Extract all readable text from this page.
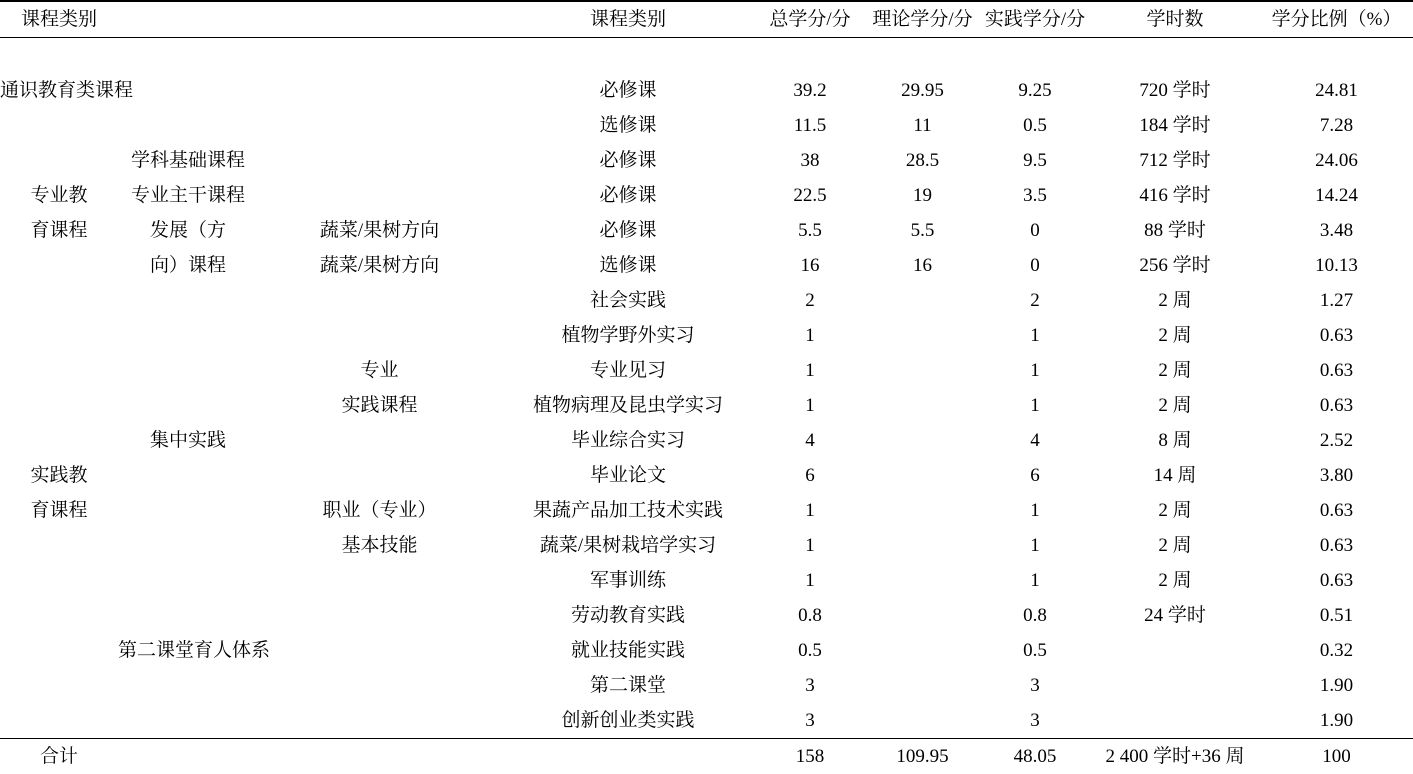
课程类别			课程类别	总学分/分	理论学分/分	实践学分/分	学时数	学分比例（%）

通识教育类课程			必修课	39.2	29.95	9.25	720 学时	24.81
			选修课	11.5	11	0.5	184 学时	7.28
	学科基础课程		必修课	38	28.5	9.5	712 学时	24.06
专业教	专业主干课程		必修课	22.5	19	3.5	416 学时	14.24
育课程	发展（方	蔬菜/果树方向	必修课	5.5	5.5	0	88 学时	3.48
	向）课程	蔬菜/果树方向	选修课	16	16	0	256 学时	10.13
			社会实践	2		2	2 周	1.27
			植物学野外实习	1		1	2 周	0.63
		专业	专业见习	1		1	2 周	0.63
		实践课程	植物病理及昆虫学实习	1		1	2 周	0.63
	集中实践		毕业综合实习	4		4	8 周	2.52
实践教			毕业论文	6		6	14 周	3.80
育课程		职业（专业）	果蔬产品加工技术实践	1		1	2 周	0.63
		基本技能	蔬菜/果树栽培学实习	1		1	2 周	0.63
			军事训练	1		1	2 周	0.63
			劳动教育实践	0.8		0.8	24 学时	0.51
	第二课堂育人体系		就业技能实践	0.5		0.5		0.32
			第二课堂	3		3		1.90
			创新创业类实践	3		3		1.90
合计				158	109.95	48.05	2 400 学时+36 周	100
